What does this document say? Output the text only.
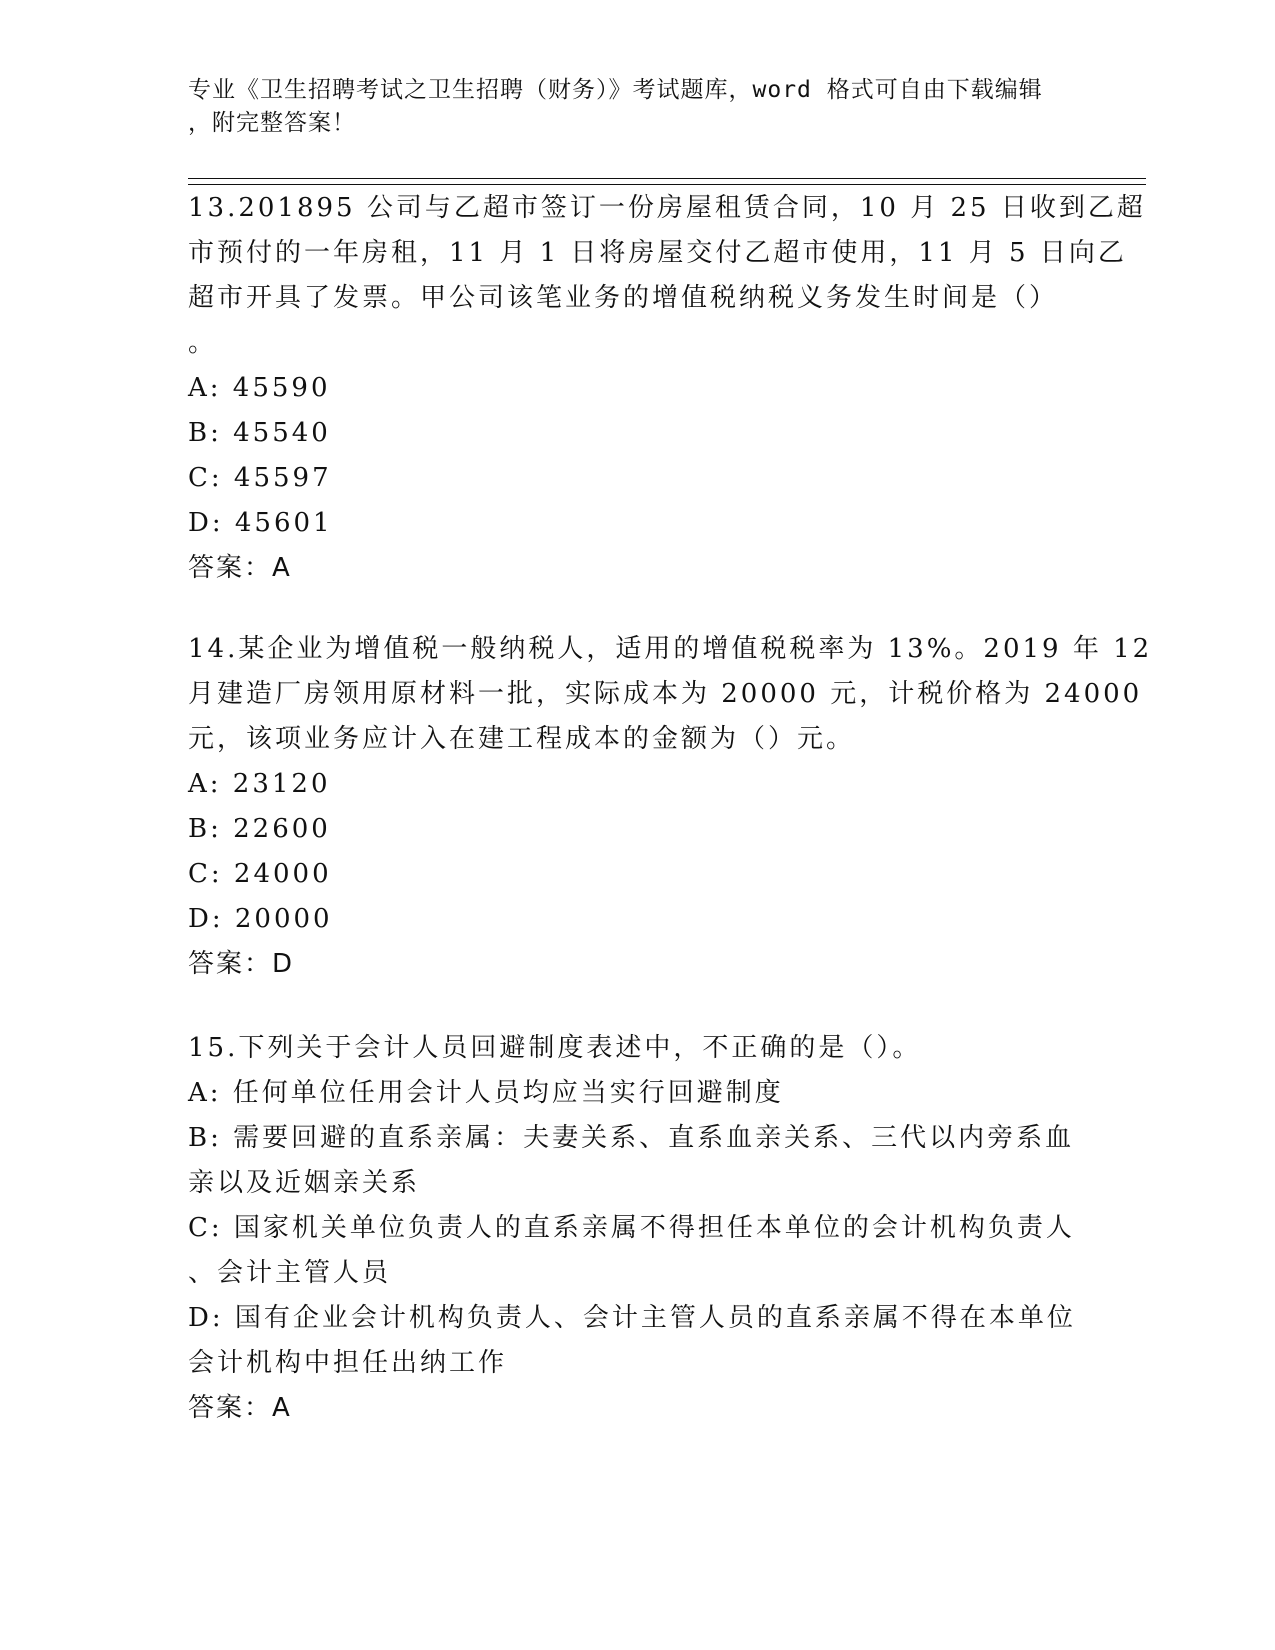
专业《卫生招聘考试之卫生招聘（财务）》考试题库，word 格式可自由下载编辑
，附完整答案！
13.201895 公司与乙超市签订一份房屋租赁合同，10 月 25 日收到乙超
市预付的一年房租，11 月 1 日将房屋交付乙超市使用，11 月 5 日向乙
超市开具了发票。甲公司该笔业务的增值税纳税义务发生时间是（）
。
A: 45590
B: 45540
C: 45597
D: 45601
答案：A
14.某企业为增值税一般纳税人，适用的增值税税率为 13%。2019 年 12
月建造厂房领用原材料一批，实际成本为 20000 元，计税价格为 24000
元，该项业务应计入在建工程成本的金额为（）元。
A: 23120
B: 22600
C: 24000
D: 20000
答案：D
15.下列关于会计人员回避制度表述中，不正确的是（）。
A: 任何单位任用会计人员均应当实行回避制度
B: 需要回避的直系亲属：夫妻关系、直系血亲关系、三代以内旁系血
亲以及近姻亲关系
C: 国家机关单位负责人的直系亲属不得担任本单位的会计机构负责人
、会计主管人员
D: 国有企业会计机构负责人、会计主管人员的直系亲属不得在本单位
会计机构中担任出纳工作
答案：A
